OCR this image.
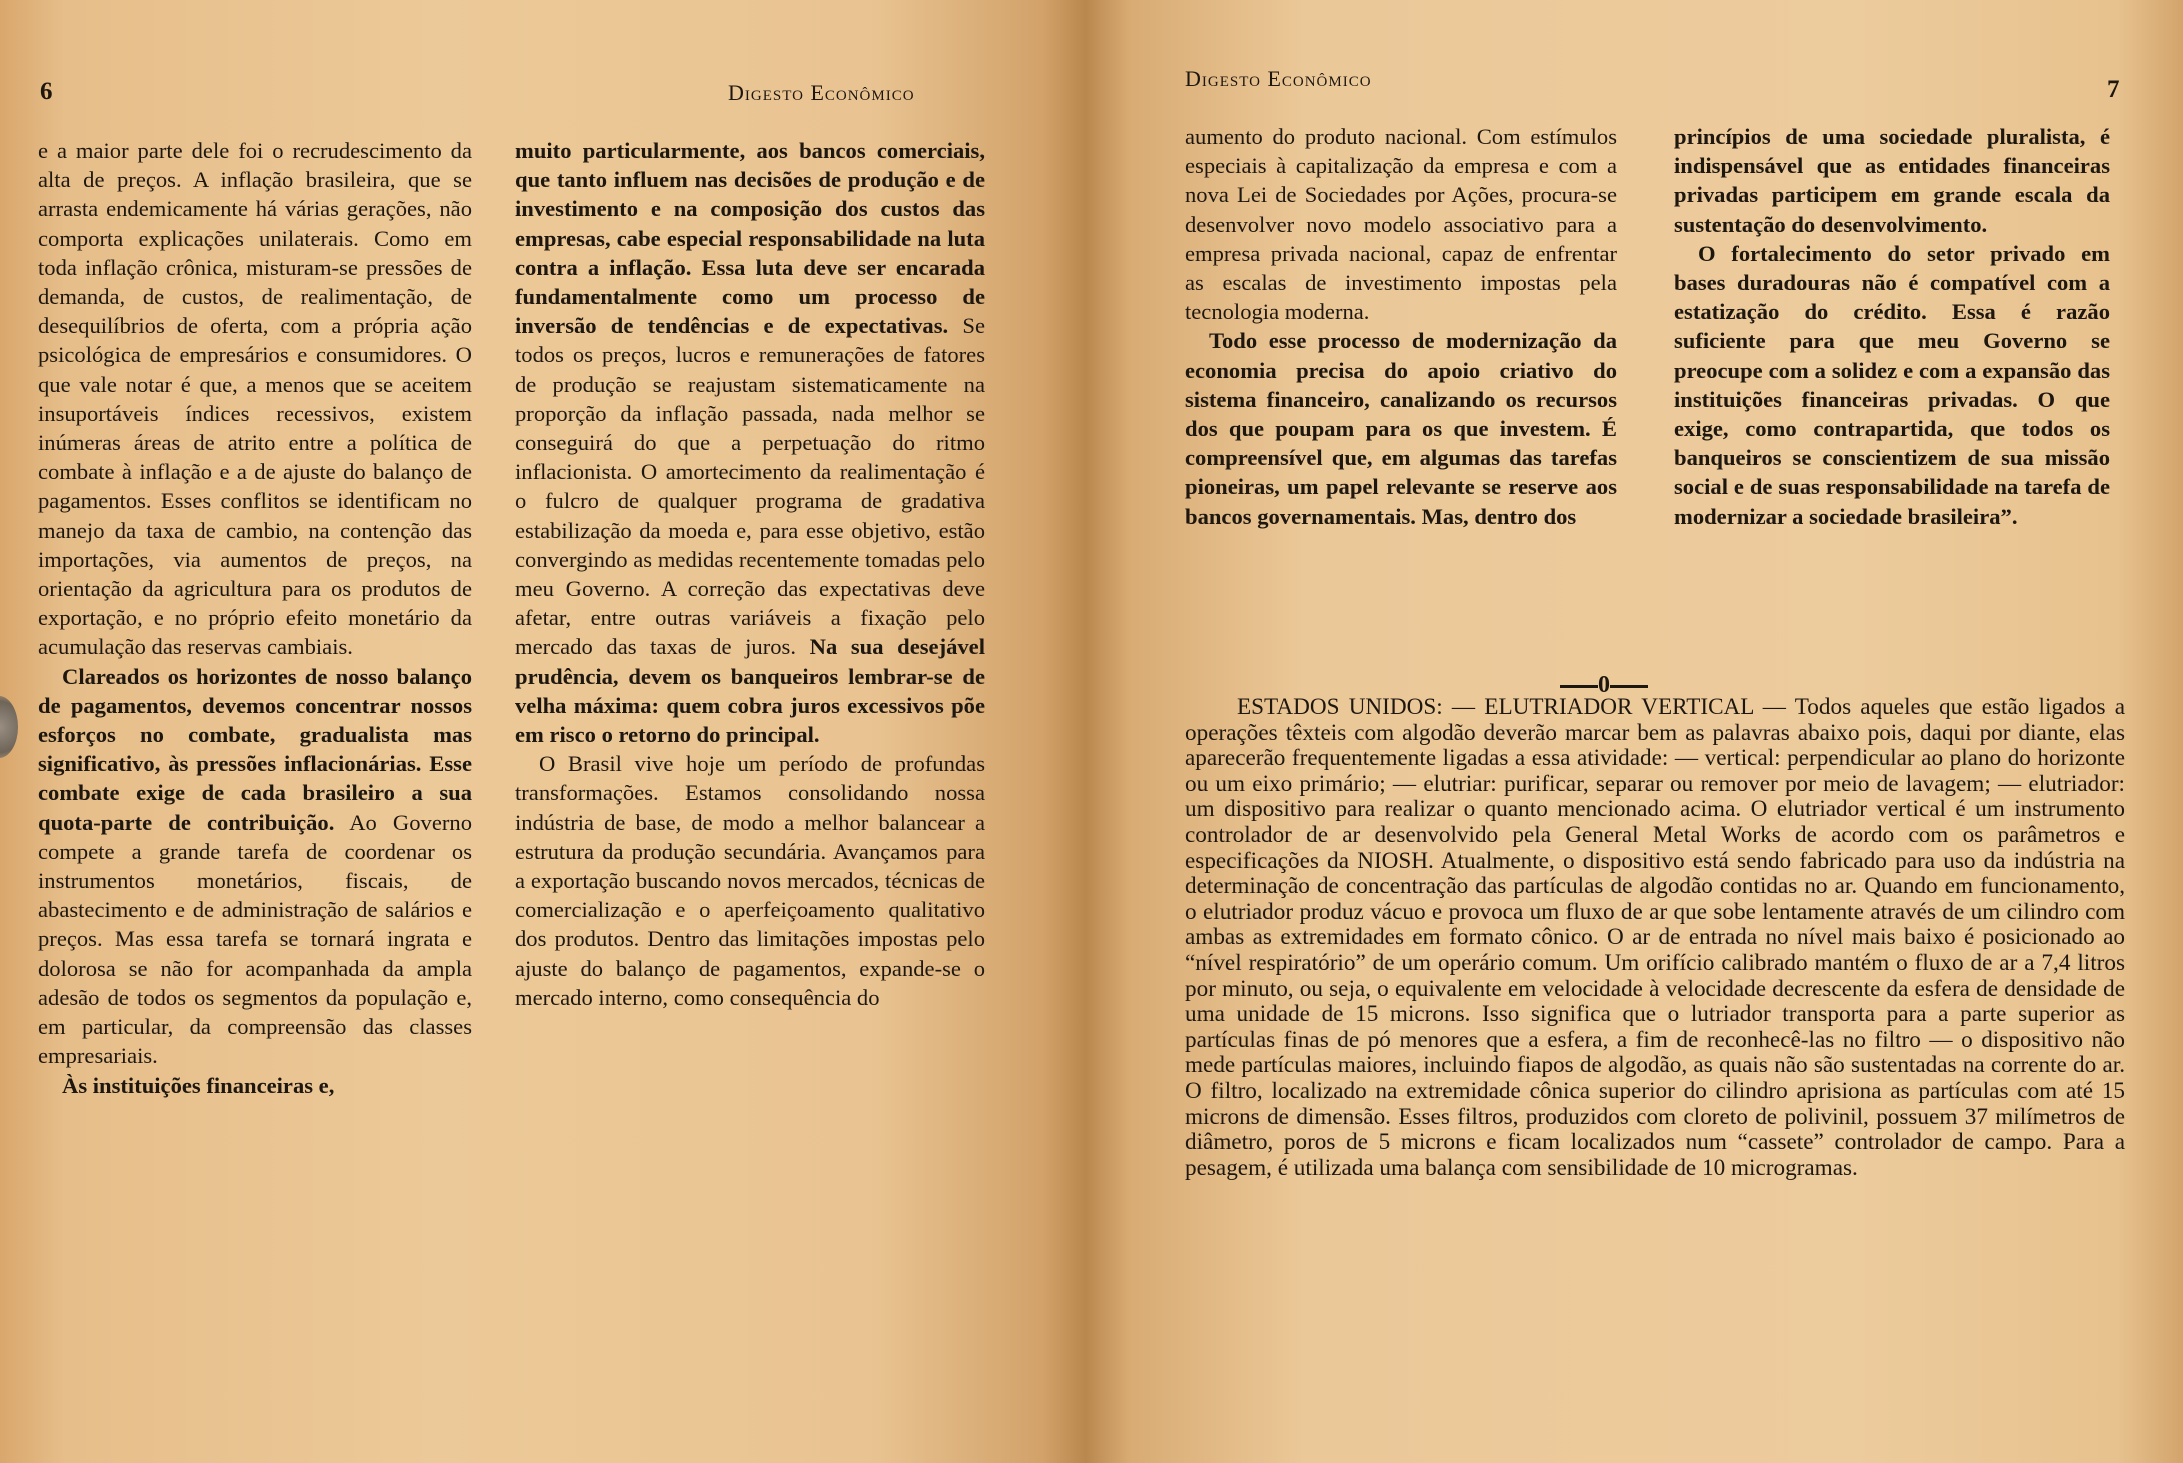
6	Digesto Econômico

e a maior parte dele foi o recrudescimento da alta de preços. A inflação brasileira, que se arrasta endemicamente há várias gerações, não comporta explicações unilaterais. Como em toda inflação crônica, misturam-se pressões de demanda, de custos, de realimentação, de desequilíbrios de oferta, com a própria ação psicológica de empresários e consumidores. O que vale notar é que, a menos que se aceitem insuportáveis índices recessivos, existem inúmeras áreas de atrito entre a política de combate à inflação e a de ajuste do balanço de pagamentos. Esses conflitos se identificam no manejo da taxa de cambio, na contenção das importações, via aumentos de preços, na orientação da agricultura para os produtos de exportação, e no próprio efeito monetário da acumulação das reservas cambiais.

Clareados os horizontes de nosso balanço de pagamentos, devemos concentrar nossos esforços no combate, gradualista mas significativo, às pressões inflacionárias. Esse combate exige de cada brasileiro a sua quota-parte de contribuição. Ao Governo compete a grande tarefa de coordenar os instrumentos monetários, fiscais, de abastecimento e de administração de salários e preços. Mas essa tarefa se tornará ingrata e dolorosa se não for acompanhada da ampla adesão de todos os segmentos da população e, em particular, da compreensão das classes empresariais.

Às instituições financeiras e,

muito particularmente, aos bancos comerciais, que tanto influem nas decisões de produção e de investimento e na composição dos custos das empresas, cabe especial responsabilidade na luta contra a inflação. Essa luta deve ser encarada fundamentalmente como um processo de inversão de tendências e de expectativas. Se todos os preços, lucros e remunerações de fatores de produção se reajustam sistematicamente na proporção da inflação passada, nada melhor se conseguirá do que a perpetuação do ritmo inflacionista. O amortecimento da realimentação é o fulcro de qualquer programa de gradativa estabilização da moeda e, para esse objetivo, estão convergindo as medidas recentemente tomadas pelo meu Governo. A correção das expectativas deve afetar, entre outras variáveis a fixação pelo mercado das taxas de juros. Na sua desejável prudência, devem os banqueiros lembrar-se de velha máxima: quem cobra juros excessivos põe em risco o retorno do principal.

O Brasil vive hoje um período de profundas transformações. Estamos consolidando nossa indústria de base, de modo a melhor balancear a estrutura da produção secundária. Avançamos para a exportação buscando novos mercados, técnicas de comercialização e o aperfeiçoamento qualitativo dos produtos. Dentro das limitações impostas pelo ajuste do balanço de pagamentos, expande-se o mercado interno, como consequência do

Digesto Econômico	7

aumento do produto nacional. Com estímulos especiais à capitalização da empresa e com a nova Lei de Sociedades por Ações, procura-se desenvolver novo modelo associativo para a empresa privada nacional, capaz de enfrentar as escalas de investimento impostas pela tecnologia moderna.

Todo esse processo de modernização da economia precisa do apoio criativo do sistema financeiro, canalizando os recursos dos que poupam para os que investem. É compreensível que, em algumas das tarefas pioneiras, um papel relevante se reserve aos bancos governamentais. Mas, dentro dos

princípios de uma sociedade pluralista, é indispensável que as entidades financeiras privadas participem em grande escala da sustentação do desenvolvimento.

O fortalecimento do setor privado em bases duradouras não é compatível com a estatização do crédito. Essa é razão suficiente para que meu Governo se preocupe com a solidez e com a expansão das instituições financeiras privadas. O que exige, como contrapartida, que todos os banqueiros se conscientizem de sua missão social e de suas responsabilidade na tarefa de modernizar a sociedade brasileira”.

ESTADOS UNIDOS: — ELUTRIADOR VERTICAL — Todos aqueles que estão ligados a operações têxteis com algodão deverão marcar bem as palavras abaixo pois, daqui por diante, elas aparecerão frequentemente ligadas a essa atividade: — vertical: perpendicular ao plano do horizonte ou um eixo primário; — elutriar: purificar, separar ou remover por meio de lavagem; — elutriador: um dispositivo para realizar o quanto mencionado acima. O elutriador vertical é um instrumento controlador de ar desenvolvido pela General Metal Works de acordo com os parâmetros e especificações da NIOSH. Atualmente, o dispositivo está sendo fabricado para uso da indústria na determinação de concentração das partículas de algodão contidas no ar. Quando em funcionamento, o elutriador produz vácuo e provoca um fluxo de ar que sobe lentamente através de um cilindro com ambas as extremidades em formato cônico. O ar de entrada no nível mais baixo é posicionado ao “nível respiratório” de um operário comum. Um orifício calibrado mantém o fluxo de ar a 7,4 litros por minuto, ou seja, o equivalente em velocidade à velocidade decrescente da esfera de densidade de uma unidade de 15 microns. Isso significa que o lutriador transporta para a parte superior as partículas finas de pó menores que a esfera, a fim de reconhecê-las no filtro — o dispositivo não mede partículas maiores, incluindo fiapos de algodão, as quais não são sustentadas na corrente do ar. O filtro, localizado na extremidade cônica superior do cilindro aprisiona as partículas com até 15 microns de dimensão. Esses filtros, produzidos com cloreto de polivinil, possuem 37 milímetros de diâmetro, poros de 5 microns e ficam localizados num “cassete” controlador de campo. Para a pesagem, é utilizada uma balança com sensibilidade de 10 microgramas.

0
